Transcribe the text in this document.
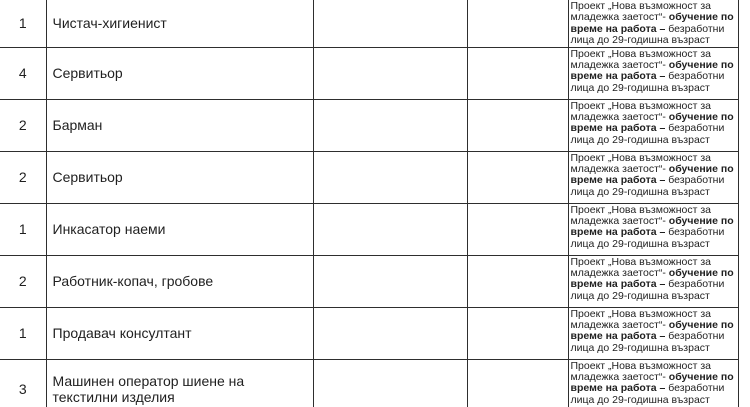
1	Чистач-хигиенист			Проект „Нова възможност за
младежка заетост“- обучение по
време на работа – безработни
лица до 29-годишна възраст

4	Сервитьор			Проект „Нова възможност за
младежка заетост“- обучение по
време на работа – безработни
лица до 29-годишна възраст

2	Барман			Проект „Нова възможност за
младежка заетост“- обучение по
време на работа – безработни
лица до 29-годишна възраст

2	Сервитьор			Проект „Нова възможност за
младежка заетост“- обучение по
време на работа – безработни
лица до 29-годишна възраст

1	Инкасатор наеми			Проект „Нова възможност за
младежка заетост“- обучение по
време на работа – безработни
лица до 29-годишна възраст

2	Работник-копач, гробове			Проект „Нова възможност за
младежка заетост“- обучение по
време на работа – безработни
лица до 29-годишна възраст

1	Продавач консултант			Проект „Нова възможност за
младежка заетост“- обучение по
време на работа – безработни
лица до 29-годишна възраст

3	Машинен оператор шиене на текстилни изделия			Проект „Нова възможност за
младежка заетост“- обучение по
време на работа – безработни
лица до 29-годишна възраст
